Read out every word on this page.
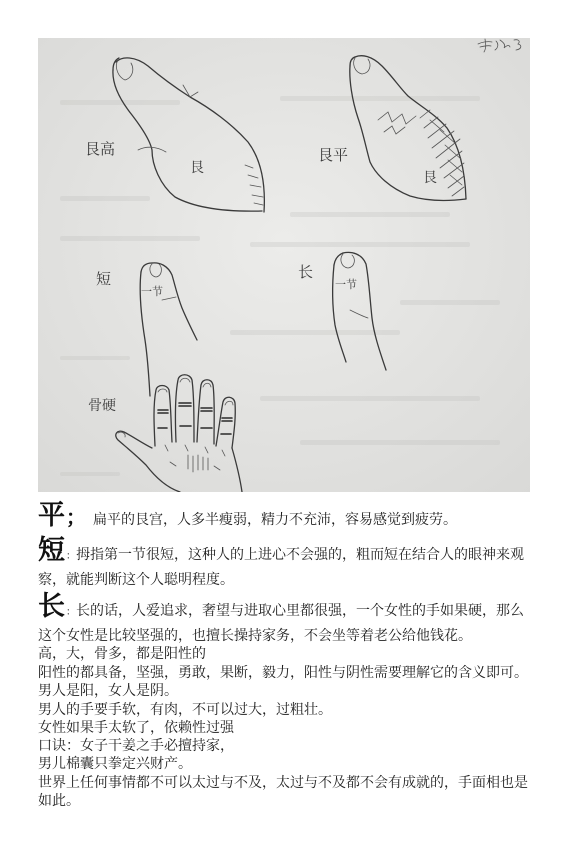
艮高
艮
艮平
艮
短
一节
长
一节
骨硬
平 ； 扁平的艮宫，人多半瘦弱，精力不充沛，容易感觉到疲劳。
短 ： 拇指第一节很短，这种人的上进心不会强的，粗而短在结合人的眼神来观
察，就能判断这个人聪明程度。
长 ： 长的话，人爱追求，奢望与进取心里都很强，一个女性的手如果硬，那么
这个女性是比较坚强的，也擅长操持家务，不会坐等着老公给他钱花。
高，大，骨多，都是阳性的
阳性的都具备，坚强，勇敢，果断，毅力，阳性与阴性需要理解它的含义即可。
男人是阳，女人是阴。
男人的手要手软，有肉，不可以过大，过粗壮。
女性如果手太软了，依赖性过强
口诀：女子干姜之手必擅持家，
男儿棉囊只拳定兴财产。
世界上任何事情都不可以太过与不及，太过与不及都不会有成就的，手面相也是
如此。
